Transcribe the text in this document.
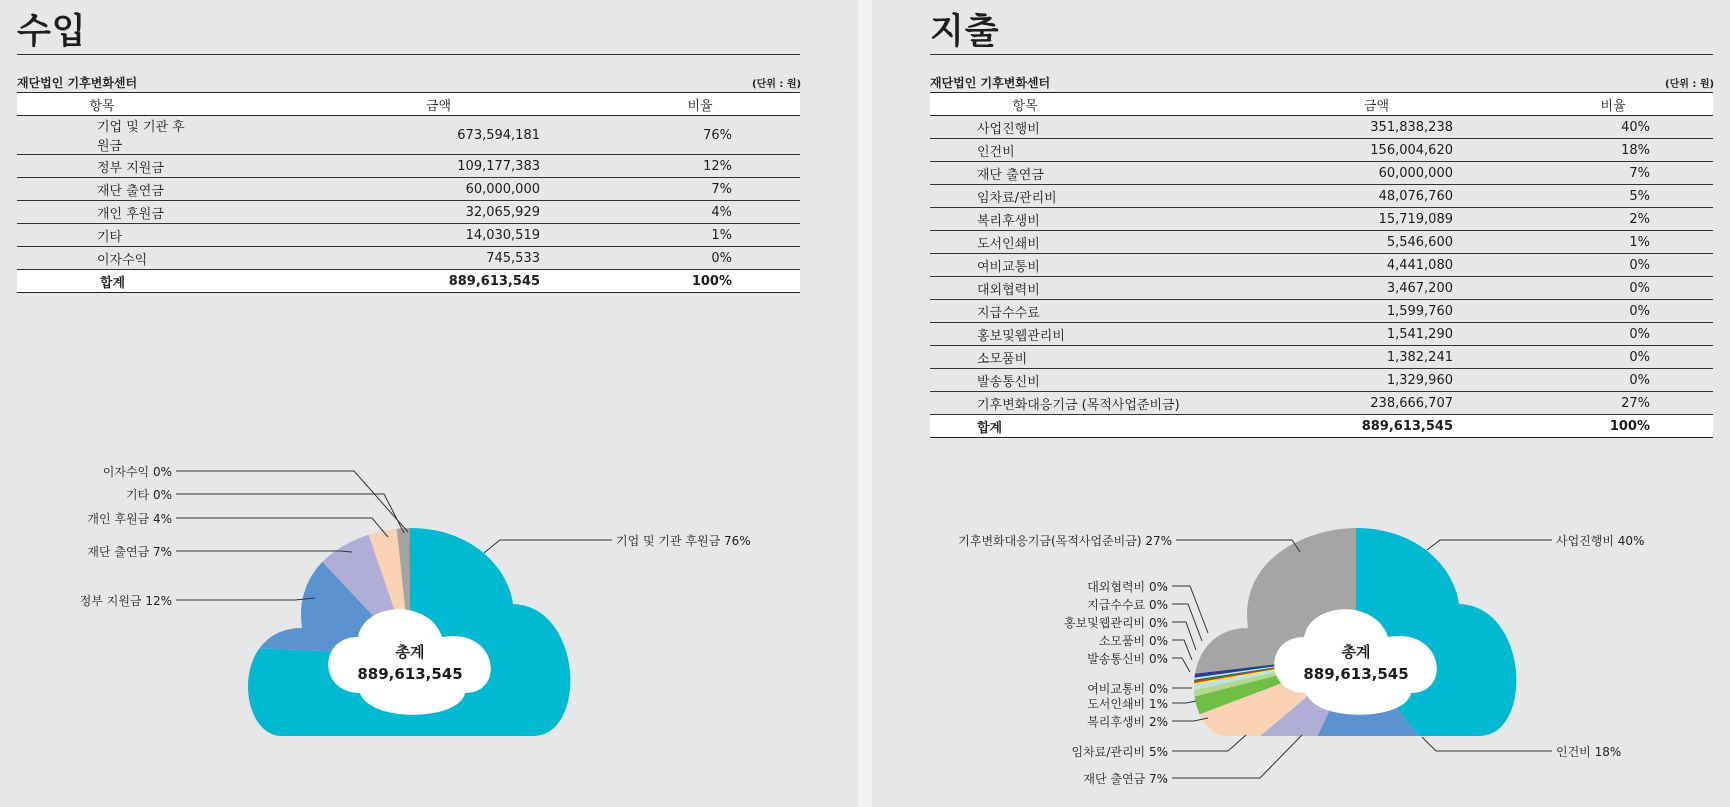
수입
재단법인 기후변화센터	(단위 : 원)
항목	금액	비율
기업 및 기관 후원금	673,594,181	76%
정부 지원금	109,177,383	12%
재단 출연금	60,000,000	7%
개인 후원금	32,065,929	4%
기타	14,030,519	1%
이자수익	745,533	0%
합계	889,613,545	100%
지출
재단법인 기후변화센터	(단위 : 원)
항목	금액	비율
사업진행비	351,838,238	40%
인건비	156,004,620	18%
재단 출연금	60,000,000	7%
임차료/관리비	48,076,760	5%
복리후생비	15,719,089	2%
도서인쇄비	5,546,600	1%
여비교통비	4,441,080	0%
대외협력비	3,467,200	0%
지급수수료	1,599,760	0%
홍보및웹관리비	1,541,290	0%
소모품비	1,382,241	0%
발송통신비	1,329,960	0%
기후변화대응기금 (목적사업준비금)	238,666,707	27%
합계	889,613,545	100%
총계
889,613,545
기업 및 기관 후원금 76%
정부 지원금 12%
재단 출연금 7%
개인 후원금 4%
기타 0%
이자수익 0%
총계
889,613,545
사업진행비 40%
인건비 18%
재단 출연금 7%
임차료/관리비 5%
복리후생비 2%
도서인쇄비 1%
여비교통비 0%
발송통신비 0%
소모품비 0%
홍보및웹관리비 0%
지급수수료 0%
대외협력비 0%
기후변화대응기금(목적사업준비금) 27%
